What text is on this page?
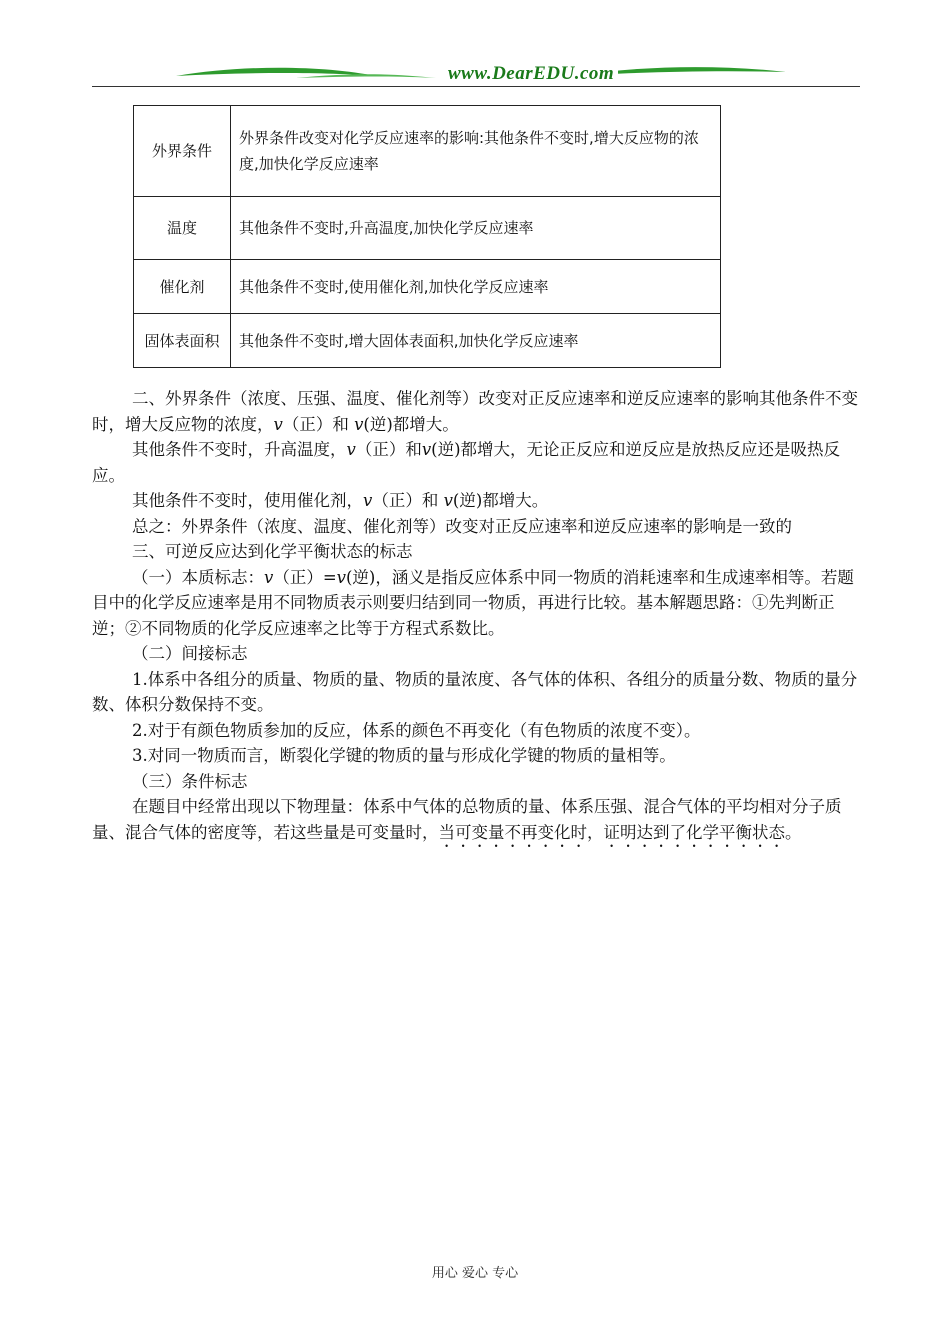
www.DearEDU.com
外界条件	外界条件改变对化学反应速率的影响:其他条件不变时,增大反应物的浓度,加快化学反应速率
温度	其他条件不变时,升高温度,加快化学反应速率
催化剂	其他条件不变时,使用催化剂,加快化学反应速率
固体表面积	其他条件不变时,增大固体表面积,加快化学反应速率

二、外界条件（浓度、压强、温度、催化剂等）改变对正反应速率和逆反应速率的影响其他条件不变时，增大反应物的浓度，v（正）和 v(逆)都增大。

其他条件不变时，升高温度，v（正）和v(逆)都增大，无论正反应和逆反应是放热反应还是吸热反应。

其他条件不变时，使用催化剂，v（正）和 v(逆)都增大。

总之：外界条件（浓度、温度、催化剂等）改变对正反应速率和逆反应速率的影响是一致的

三、可逆反应达到化学平衡状态的标志

（一）本质标志：v（正）=v(逆)，涵义是指反应体系中同一物质的消耗速率和生成速率相等。若题目中的化学反应速率是用不同物质表示则要归结到同一物质，再进行比较。基本解题思路：①先判断正逆；②不同物质的化学反应速率之比等于方程式系数比。

（二）间接标志

1.体系中各组分的质量、物质的量、物质的量浓度、各气体的体积、各组分的质量分数、物质的量分数、体积分数保持不变。

2.对于有颜色物质参加的反应，体系的颜色不再变化（有色物质的浓度不变）。

3.对同一物质而言，断裂化学键的物质的量与形成化学键的物质的量相等。

（三）条件标志

在题目中经常出现以下物理量：体系中气体的总物质的量、体系压强、混合气体的平均相对分子质量、混合气体的密度等，若这些量是可变量时，当可变量不再变化时，证明达到了化学平衡状态。

用心 爱心 专心
